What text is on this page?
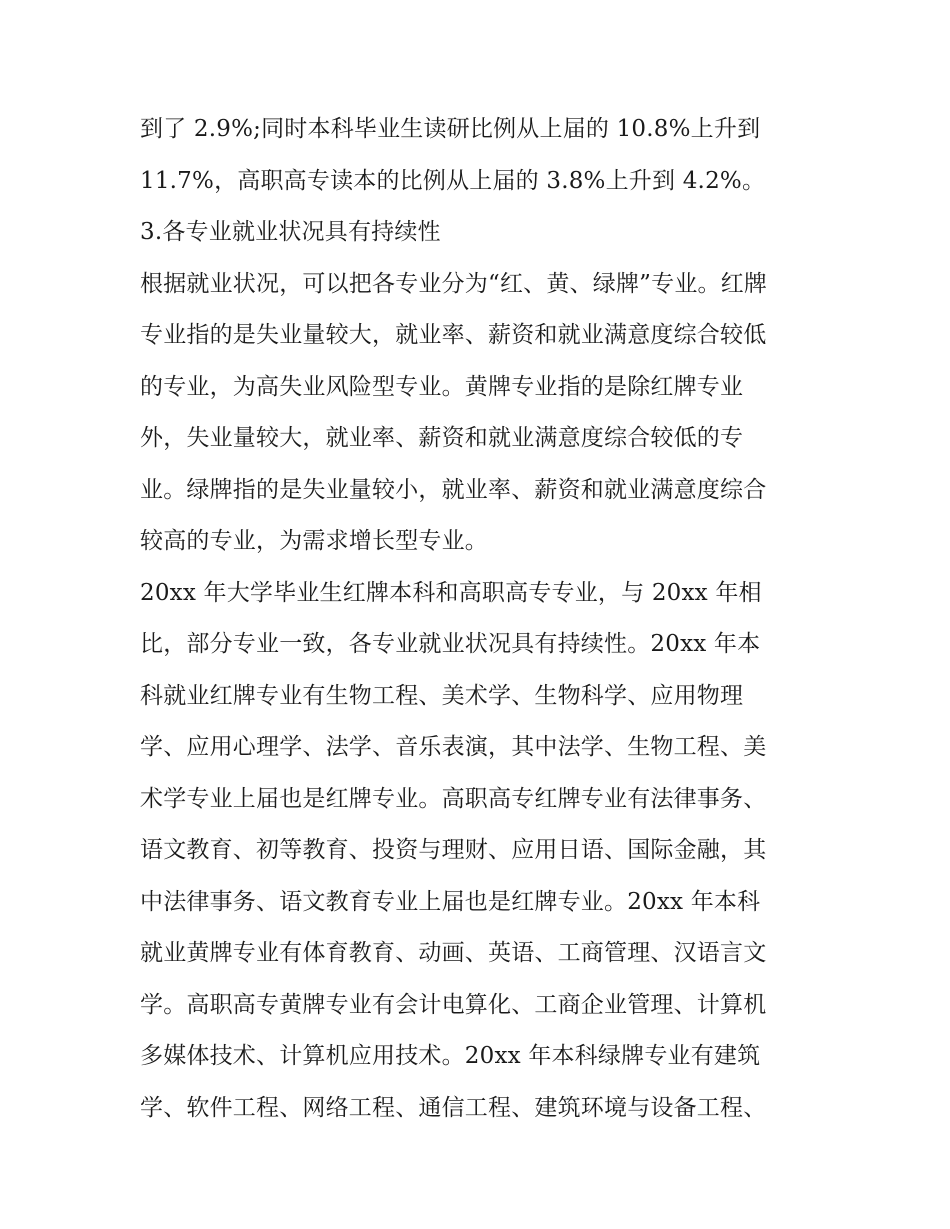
到了 2.9%;同时本科毕业生读研比例从上届的 10.8%上升到
11.7%，高职高专读本的比例从上届的 3.8%上升到 4.2%。
3.各专业就业状况具有持续性
根据就业状况，可以把各专业分为“红、黄、绿牌”专业。红牌
专业指的是失业量较大，就业率、薪资和就业满意度综合较低
的专业，为高失业风险型专业。黄牌专业指的是除红牌专业
外，失业量较大，就业率、薪资和就业满意度综合较低的专
业。绿牌指的是失业量较小，就业率、薪资和就业满意度综合
较高的专业，为需求增长型专业。
20xx 年大学毕业生红牌本科和高职高专专业，与 20xx 年相
比，部分专业一致，各专业就业状况具有持续性。20xx 年本
科就业红牌专业有生物工程、美术学、生物科学、应用物理
学、应用心理学、法学、音乐表演，其中法学、生物工程、美
术学专业上届也是红牌专业。高职高专红牌专业有法律事务、
语文教育、初等教育、投资与理财、应用日语、国际金融，其
中法律事务、语文教育专业上届也是红牌专业。20xx 年本科
就业黄牌专业有体育教育、动画、英语、工商管理、汉语言文
学。高职高专黄牌专业有会计电算化、工商企业管理、计算机
多媒体技术、计算机应用技术。20xx 年本科绿牌专业有建筑
学、软件工程、网络工程、通信工程、建筑环境与设备工程、
